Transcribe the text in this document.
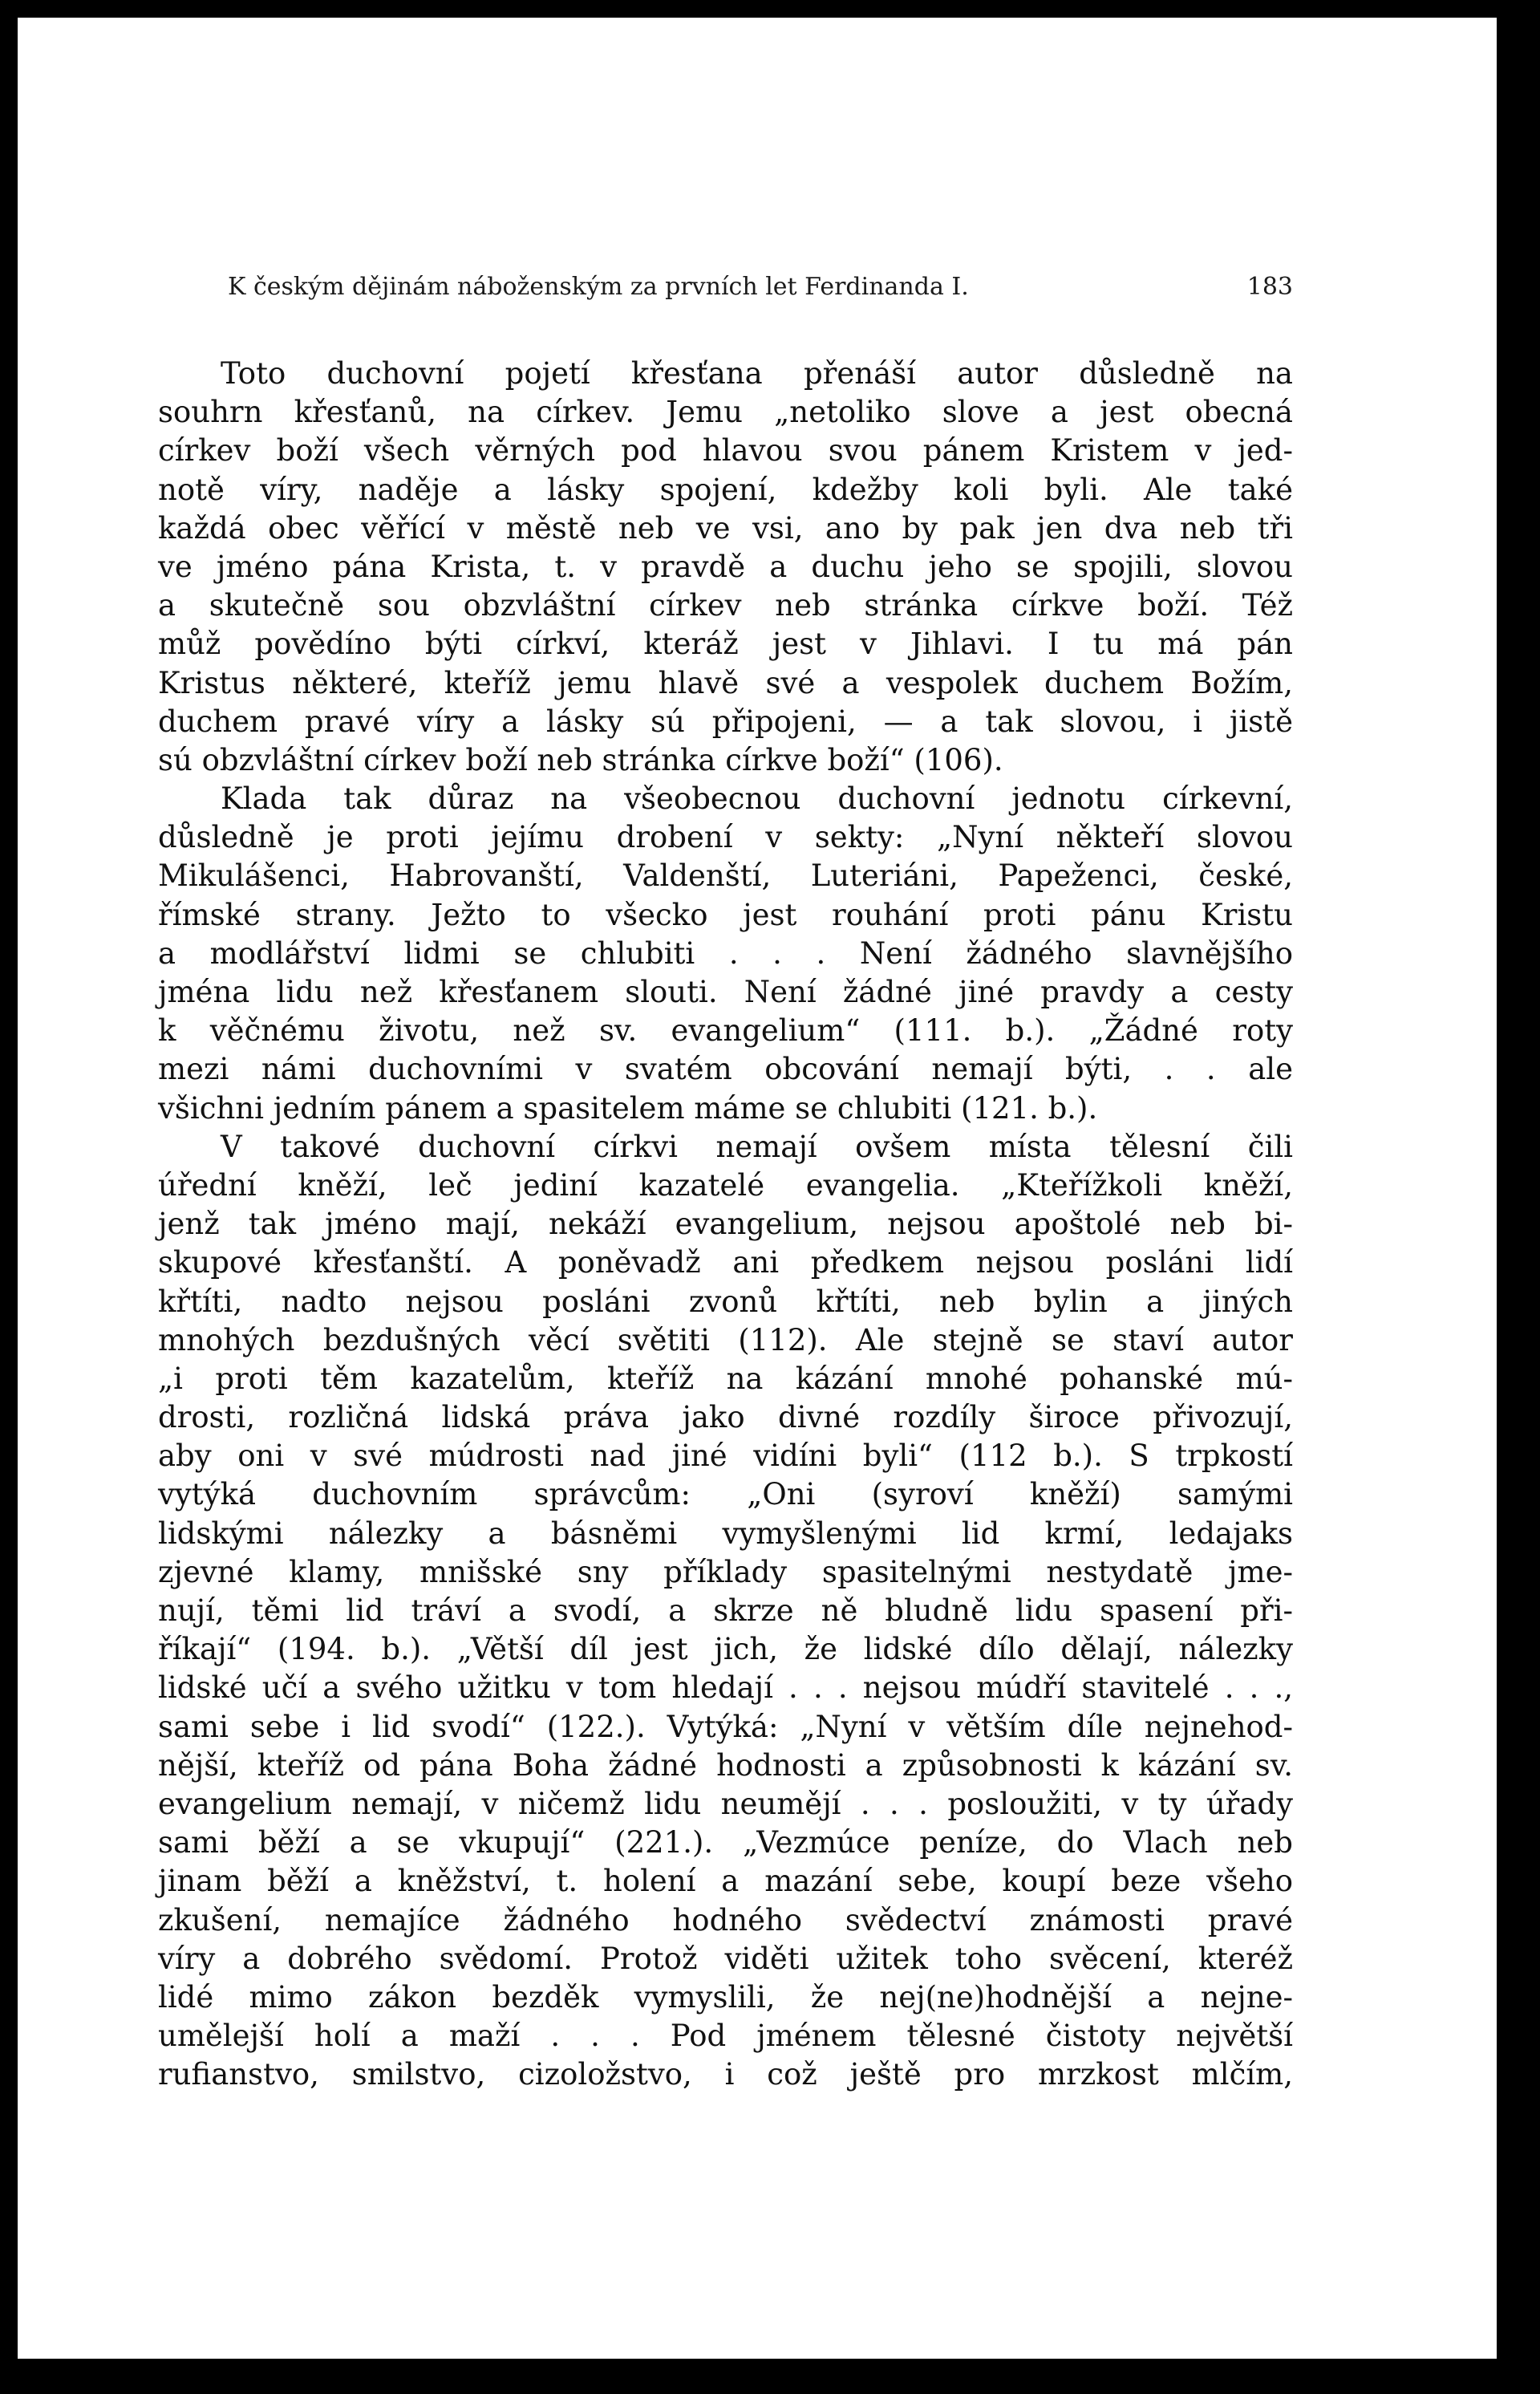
K českým dějinám náboženským za prvních let Ferdinanda I.	183
Toto duchovní pojetí křesťana přenáší autor důsledně na
souhrn křesťanů, na církev. Jemu „netoliko slove a jest obecná
církev boží všech věrných pod hlavou svou pánem Kristem v jed-
notě víry, naděje a lásky spojení, kdežby koli byli. Ale také
každá obec věřící v městě neb ve vsi, ano by pak jen dva neb tři
ve jméno pána Krista, t. v pravdě a duchu jeho se spojili, slovou
a skutečně sou obzvláštní církev neb stránka církve boží. Též
můž povědíno býti církví, kteráž jest v Jihlavi. I tu má pán
Kristus některé, kteříž jemu hlavě své a vespolek duchem Božím,
duchem pravé víry a lásky sú připojeni, — a tak slovou, i jistě
sú obzvláštní církev boží neb stránka církve boží“ (106).
Klada tak důraz na všeobecnou duchovní jednotu církevní,
důsledně je proti jejímu drobení v sekty: „Nyní někteří slovou
Mikulášenci, Habrovanští, Valdenští, Luteriáni, Papeženci, české,
římské strany. Ježto to všecko jest rouhání proti pánu Kristu
a modlářství lidmi se chlubiti . . . Není žádného slavnějšího
jména lidu než křesťanem slouti. Není žádné jiné pravdy a cesty
k věčnému životu, než sv. evangelium“ (111. b.). „Žádné roty
mezi námi duchovními v svatém obcování nemají býti, . . ale
všichni jedním pánem a spasitelem máme se chlubiti (121. b.).
V takové duchovní církvi nemají ovšem místa tělesní čili
úřední kněží, leč jediní kazatelé evangelia. „Kteřížkoli kněží,
jenž tak jméno mají, nekáží evangelium, nejsou apoštolé neb bi-
skupové křesťanští. A poněvadž ani předkem nejsou posláni lidí
křtíti, nadto nejsou posláni zvonů křtíti, neb bylin a jiných
mnohých bezdušných věcí světiti (112). Ale stejně se staví autor
„i proti těm kazatelům, kteříž na kázání mnohé pohanské mú-
drosti, rozličná lidská práva jako divné rozdíly široce přivozují,
aby oni v své múdrosti nad jiné vidíni byli“ (112 b.). S trpkostí
vytýká duchovním správcům: „Oni (syroví kněží) samými
lidskými nálezky a básněmi vymyšlenými lid krmí, ledajaks
zjevné klamy, mnišské sny příklady spasitelnými nestydatě jme-
nují, těmi lid tráví a svodí, a skrze ně bludně lidu spasení při-
říkají“ (194. b.). „Větší díl jest jich, že lidské dílo dělají, nálezky
lidské učí a svého užitku v tom hledají . . . nejsou múdří stavitelé . . .,
sami sebe i lid svodí“ (122.). Vytýká: „Nyní v větším díle nejnehod-
nější, kteříž od pána Boha žádné hodnosti a způsobnosti k kázání sv.
evangelium nemají, v ničemž lidu neumějí . . . posloužiti, v ty úřady
sami běží a se vkupují“ (221.). „Vezmúce peníze, do Vlach neb
jinam běží a kněžství, t. holení a mazání sebe, koupí beze všeho
zkušení, nemajíce žádného hodného svědectví známosti pravé
víry a dobrého svědomí. Protož viděti užitek toho svěcení, kteréž
lidé mimo zákon bezděk vymyslili, že nej(ne)hodnější a nejne-
umělejší holí a maží . . . Pod jménem tělesné čistoty největší
rufianstvo, smilstvo, cizoložstvo, i což ještě pro mrzkost mlčím,
